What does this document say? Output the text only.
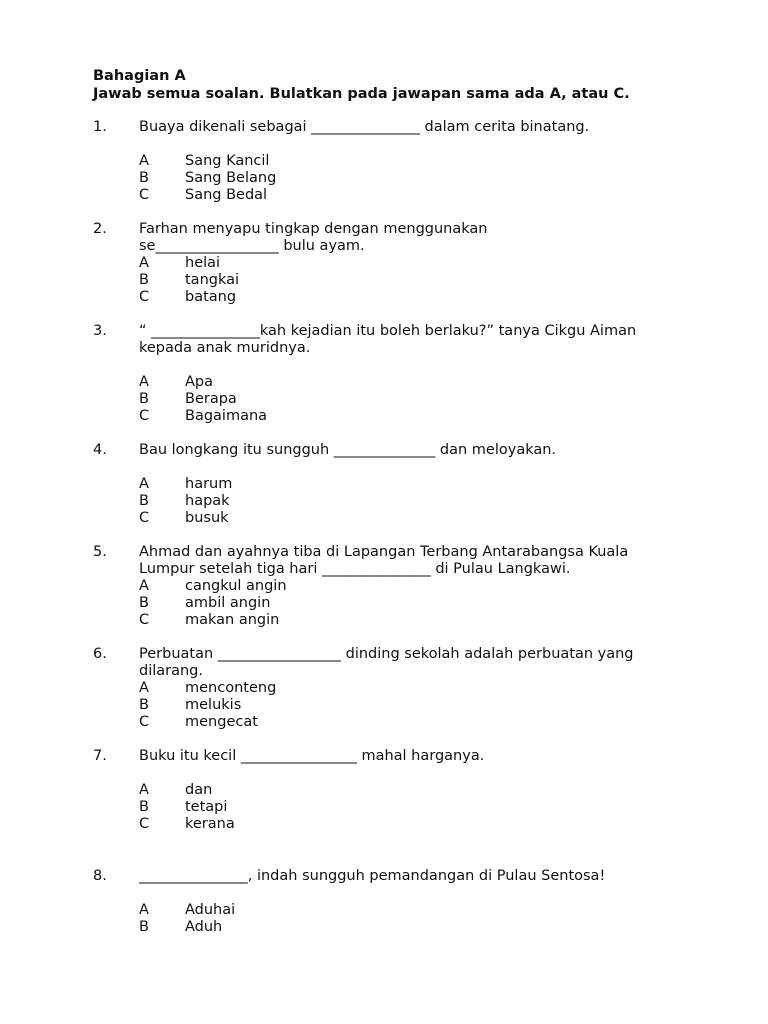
Bahagian A
Jawab semua soalan. Bulatkan pada jawapan sama ada A, atau C.
1. Buaya dikenali sebagai _______________ dalam cerita binatang.
A Sang Kancil
B Sang Belang
C Sang Bedal
2. Farhan menyapu tingkap dengan menggunakan
se_________________ bulu ayam.
A helai
B tangkai
C batang
3. “ _______________kah kejadian itu boleh berlaku?” tanya Cikgu Aiman
kepada anak muridnya.
A Apa
B Berapa
C Bagaimana
4. Bau longkang itu sungguh ______________ dan meloyakan.
A harum
B hapak
C busuk
5. Ahmad dan ayahnya tiba di Lapangan Terbang Antarabangsa Kuala
Lumpur setelah tiga hari _______________ di Pulau Langkawi.
A cangkul angin
B ambil angin
C makan angin
6. Perbuatan _________________ dinding sekolah adalah perbuatan yang
dilarang.
A menconteng
B melukis
C mengecat
7. Buku itu kecil ________________ mahal harganya.
A dan
B tetapi
C kerana
8. _______________, indah sungguh pemandangan di Pulau Sentosa!
A Aduhai
B Aduh
